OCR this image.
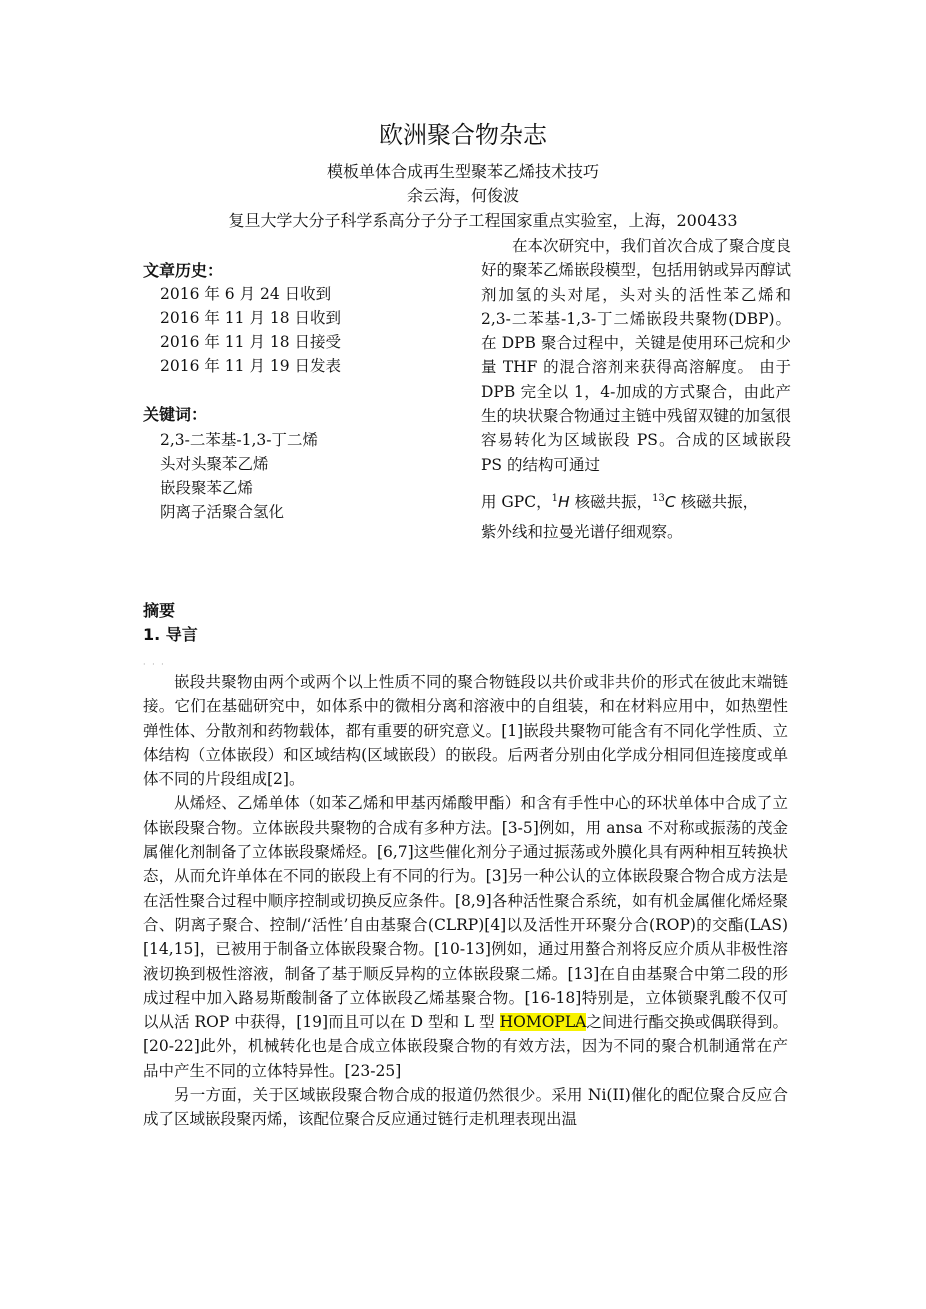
欧洲聚合物杂志
模板单体合成再生型聚苯乙烯技术技巧
余云海，何俊波
复旦大学大分子科学系高分子分子工程国家重点实验室，上海，200433
文章历史：
2016 年 6 月 24 日收到
2016 年 11 月 18 日收到
2016 年 11 月 18 日接受
2016 年 11 月 19 日发表
关键词：
2,3-二苯基-1,3-丁二烯
头对头聚苯乙烯
嵌段聚苯乙烯
阴离子活聚合氢化

在本次研究中，我们首次合成了聚合度良好的聚苯乙烯嵌段模型，包括用钠或异丙醇试剂加氢的头对尾，头对头的活性苯乙烯和 2,3-二苯基-1,3-丁二烯嵌段共聚物(DBP)。在 DPB 聚合过程中，关键是使用环己烷和少量 THF 的混合溶剂来获得高溶解度。 由于 DPB 完全以 1，4-加成的方式聚合，由此产生的块状聚合物通过主链中残留双键的加氢很容易转化为区域嵌段 PS。合成的区域嵌段 PS 的结构可通过

用 GPC，$^1$H 核磁共振，$^{13}$C 核磁共振，
紫外线和拉曼光谱仔细观察。

摘要
1. 导言
· · ·

嵌段共聚物由两个或两个以上性质不同的聚合物链段以共价或非共价的形式在彼此末端链接。它们在基础研究中，如体系中的微相分离和溶液中的自组装，和在材料应用中，如热塑性弹性体、分散剂和药物载体，都有重要的研究意义。[1]嵌段共聚物可能含有不同化学性质、立体结构（立体嵌段）和区域结构(区域嵌段）的嵌段。后两者分别由化学成分相同但连接度或单体不同的片段组成[2]。

从烯烃、乙烯单体（如苯乙烯和甲基丙烯酸甲酯）和含有手性中心的环状单体中合成了立体嵌段聚合物。立体嵌段共聚物的合成有多种方法。[3-5]例如，用 ansa 不对称或振荡的茂金属催化剂制备了立体嵌段聚烯烃。[6,7]这些催化剂分子通过振荡或外膜化具有两种相互转换状态，从而允许单体在不同的嵌段上有不同的行为。[3]另一种公认的立体嵌段聚合物合成方法是在活性聚合过程中顺序控制或切换反应条件。[8,9]各种活性聚合系统，如有机金属催化烯烃聚合、阴离子聚合、控制/‘活性’自由基聚合(CLRP)[4]以及活性开环聚分合(ROP)的交酯(LAS)[14,15]，已被用于制备立体嵌段聚合物。[10-13]例如，通过用螯合剂将反应介质从非极性溶液切换到极性溶液，制备了基于顺反异构的立体嵌段聚二烯。[13]在自由基聚合中第二段的形成过程中加入路易斯酸制备了立体嵌段乙烯基聚合物。[16-18]特别是，立体锁聚乳酸不仅可以从活 ROP 中获得，[19]而且可以在 D 型和 L 型 HOMOPLA之间进行酯交换或偶联得到。[20-22]此外，机械转化也是合成立体嵌段聚合物的有效方法，因为不同的聚合机制通常在产品中产生不同的立体特异性。[23-25]

另一方面，关于区域嵌段聚合物合成的报道仍然很少。采用 Ni(II)催化的配位聚合反应合成了区域嵌段聚丙烯，该配位聚合反应通过链行走机理表现出温
